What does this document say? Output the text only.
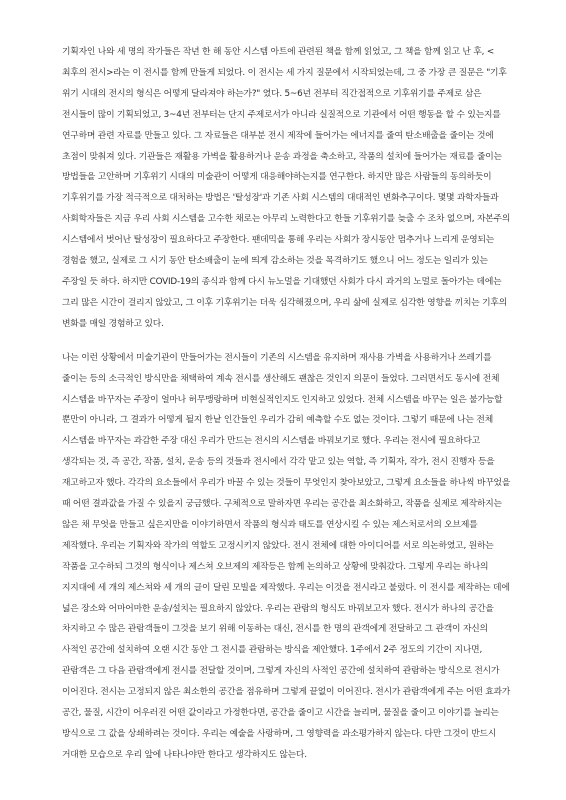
기획자인 나와 세 명의 작가들은 작년 한 해 동안 시스템 아트에 관련된 책을 함께 읽었고, 그 책을 함께 읽고 난 후, <최후의 전시>라는 이 전시를 함께 만들게 되었다. 이 전시는 세 가지 질문에서 시작되었는데, 그 중 가장 큰 질문은 "기후 위기 시대의 전시의 형식은 어떻게 달라져야 하는가?" 였다. 5~6년 전부터 직간접적으로 기후위기를 주제로 삼은 전시들이 많이 기획되었고, 3~4년 전부터는 단지 주제로서가 아니라 실질적으로 기관에서 어떤 행동을 할 수 있는지를 연구하며 관련 자료를 만들고 있다. 그 자료들은 대부분 전시 제작에 들어가는 에너지를 줄여 탄소배출을 줄이는 것에 초점이 맞춰져 있다. 기관들은 재활용 가벽을 활용하거나 운송 과정을 축소하고, 작품의 설치에 들어가는 재료를 줄이는 방법들을 고안하며 기후위기 시대의 미술관이 어떻게 대응해야하는지를 연구한다. 하지만 많은 사람들의 동의하듯이 기후위기를 가장 적극적으로 대처하는 방법은 '탈성장'과 기존 사회 시스템의 대대적인 변화추구이다. 몇몇 과학자들과 사회학자들은 지금 우리 사회 시스템을 고수한 채로는 아무리 노력한다고 한들 기후위기를 늦출 수 조차 없으며, 자본주의 시스템에서 벗어난 탈성장이 필요하다고 주장한다. 팬데믹을 통해 우리는 사회가 장시동안 멈추거나 느리게 운영되는 경험을 했고, 실제로 그 시기 동안 탄소배출이 눈에 띄게 감소하는 것을 목격하기도 했으니 어느 정도는 일리가 있는 주장일 듯 하다. 하지만 COVID-19의 종식과 함께 다시 뉴노멀을 기대했던 사회가 다시 과거의 노멀로 돌아가는 데에는 그리 많은 시간이 걸리지 않았고, 그 이후 기후위기는 더욱 심각해졌으며, 우리 삶에 실제로 심각한 영향을 끼치는 기후의 변화를 매일 경험하고 있다.

나는 이런 상황에서 미술기관이 만들어가는 전시들이 기존의 시스템을 유지하며 재사용 가벽을 사용하거나 쓰레기를 줄이는 등의 소극적인 방식만을 채택하여 계속 전시를 생산해도 괜찮은 것인지 의문이 들었다. 그러면서도 동시에 전체 시스템을 바꾸자는 주장이 얼마나 허무맹랑하며 비현실적인지도 인지하고 있었다. 전체 시스템을 바꾸는 일은 불가능할 뿐만이 아니라, 그 결과가 어떻게 될지 한낱 인간들인 우리가 감히 예측할 수도 없는 것이다. 그렇기 때문에 나는 전체 시스템을 바꾸자는 과감한 주장 대신 우리가 만드는 전시의 시스템을 바꿔보기로 했다. 우리는 전시에 필요하다고 생각되는 것, 즉 공간, 작품, 설치, 운송 등의 것들과 전시에서 각각 맡고 있는 역할, 즉 기획자, 작가, 전시 진행자 등을 재고하고자 했다. 각각의 요소들에서 우리가 바꿀 수 있는 것들이 무엇인지 찾아보았고, 그렇게 요소들을 하나씩 바꾸었을 때 어떤 결과값을 가질 수 있을지 궁금했다. 구체적으로 말하자면 우리는 공간을 최소화하고, 작품을 실제로 제작하지는 않은 채 무엇을 만들고 싶은지만을 이야기하면서 작품의 형식과 태도를 연상시킬 수 있는 제스처로서의 오브제를 제작했다. 우리는 기획자와 작가의 역할도 고정시키지 않았다. 전시 전체에 대한 아이디어를 서로 의논하였고, 원하는 작품을 고수하되 그것의 형식이나 제스쳐 오브제의 제작등은 함께 논의하고 상황에 맞춰갔다. 그렇게 우리는 하나의 지지대에 세 개의 제스쳐와 세 개의 글이 달린 모빌을 제작했다. 우리는 이것을 전시라고 불렀다. 이 전시를 제작하는 데에 넓은 장소와 어마어마한 운송/설치는 필요하지 않았다. 우리는 관람의 형식도 바꿔보고자 했다. 전시가 하나의 공간을 차지하고 수 많은 관람객들이 그것을 보기 위해 이동하는 대신, 전시를 한 명의 관객에게 전달하고 그 관객이 자신의 사적인 공간에 설치하여 오랜 시간 동안 그 전시를 관람하는 방식을 제안했다. 1주에서 2주 정도의 기간이 지나면, 관람객은 그 다음 관람객에게 전시를 전달할 것이며, 그렇게 자신의 사적인 공간에 설치하여 관람하는 방식으로 전시가 이어진다. 전시는 고정되지 않은 최소한의 공간을 점유하며 그렇게 끝없이 이어진다. 전시가 관람객에게 주는 어떤 효과가 공간, 물질, 시간이 어우러진 어떤 값이라고 가정한다면, 공간을 줄이고 시간을 늘리며, 물질을 줄이고 이야기를 늘리는 방식으로 그 값을 상쇄하려는 것이다. 우리는 예술을 사랑하며, 그 영향력을 과소평가하지 않는다. 다만 그것이 반드시 거대한 모습으로 우리 앞에 나타나야만 한다고 생각하지도 않는다.
